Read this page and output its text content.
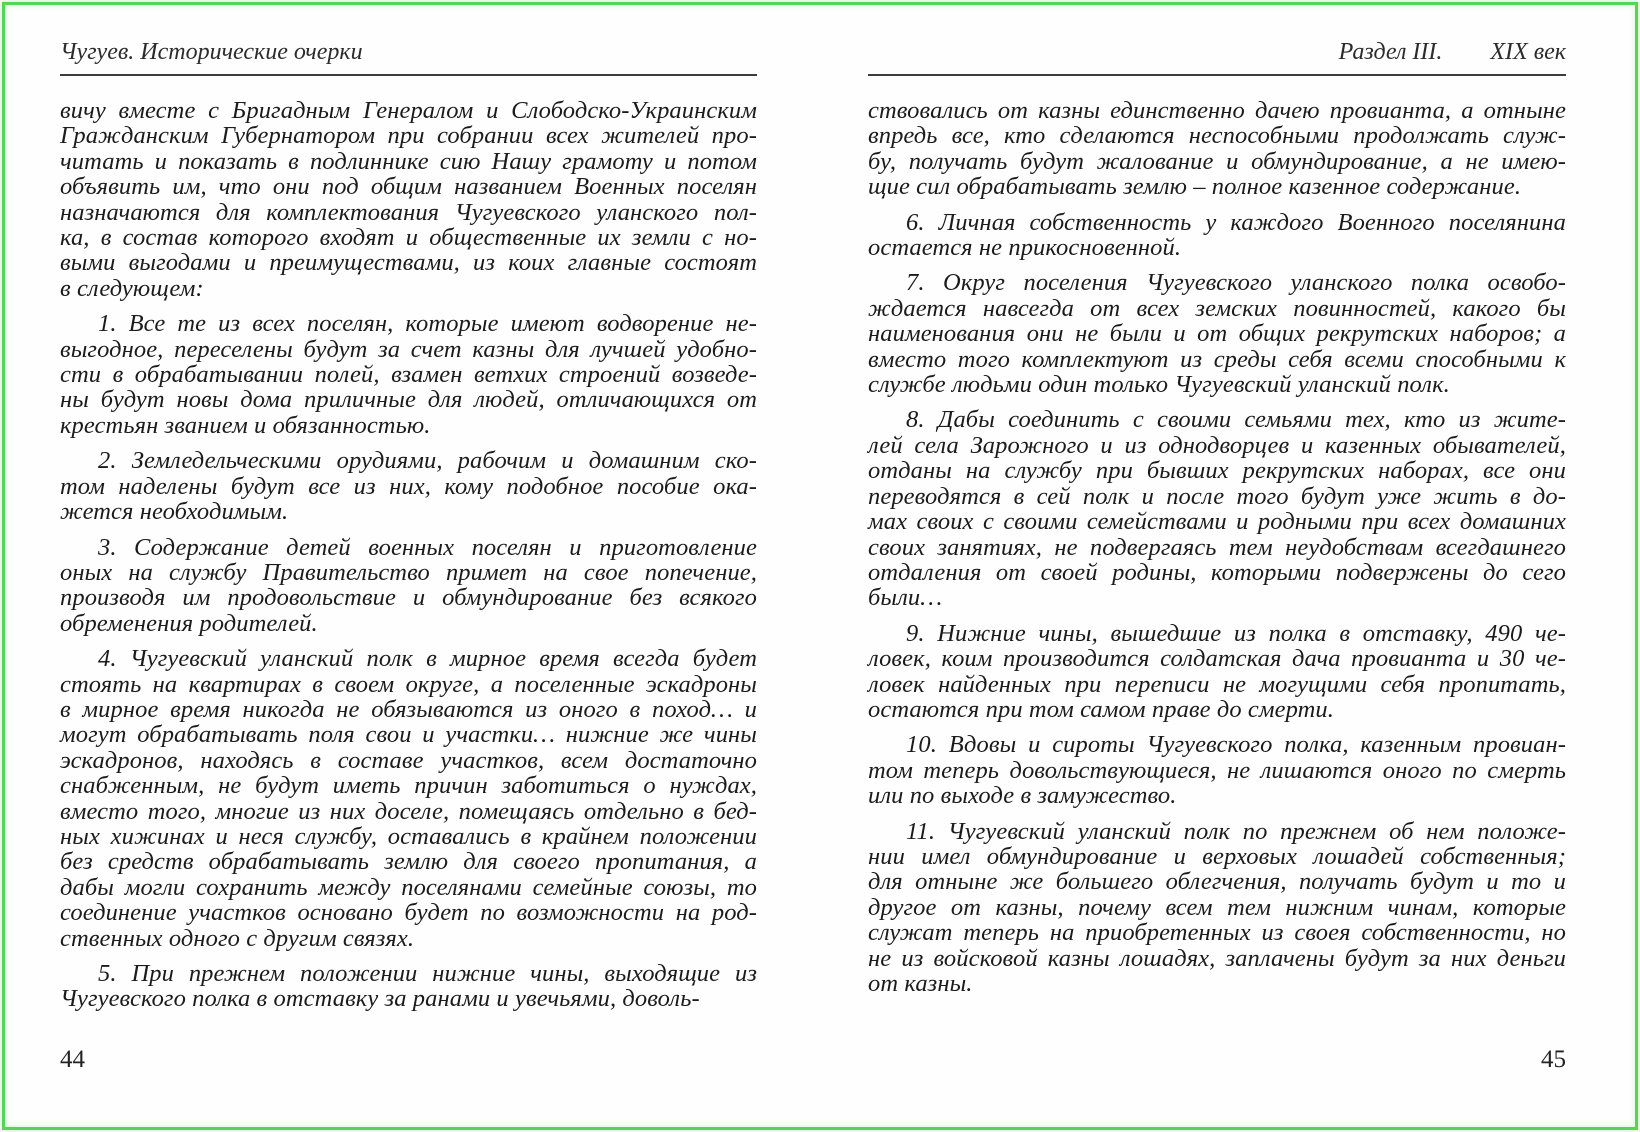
Чугуев. Исторические очерки
вичу вместе с Бригадным Генералом и Слободско-Украинским
Гражданским Губернатором при собрании всех жителей про-
читать и показать в подлиннике сию Нашу грамоту и потом
объявить им, что они под общим названием Военных поселян
назначаются для комплектования Чугуевского уланского пол-
ка, в состав которого входят и общественные их земли с но-
выми выгодами и преимуществами, из коих главные состоят
в следующем:
1. Все те из всех поселян, которые имеют водворение не-
выгодное, переселены будут за счет казны для лучшей удобно-
сти в обрабатывании полей, взамен ветхих строений возведе-
ны будут новы дома приличные для людей, отличающихся от
крестьян званием и обязанностью.
2. Земледельческими орудиями, рабочим и домашним ско-
том наделены будут все из них, кому подобное пособие ока-
жется необходимым.
3. Содержание детей военных поселян и приготовление
оных на службу Правительство примет на свое попечение,
производя им продовольствие и обмундирование без всякого
обременения родителей.
4. Чугуевский уланский полк в мирное время всегда будет
стоять на квартирах в своем округе, а поселенные эскадроны
в мирное время никогда не обязываются из оного в поход… и
могут обрабатывать поля свои и участки… нижние же чины
эскадронов, находясь в составе участков, всем достаточно
снабженным, не будут иметь причин заботиться о нуждах,
вместо того, многие из них доселе, помещаясь отдельно в бед-
ных хижинах и неся службу, оставались в крайнем положении
без средств обрабатывать землю для своего пропитания, а
дабы могли сохранить между поселянами семейные союзы, то
соединение участков основано будет по возможности на род-
ственных одного с другим связях.
5. При прежнем положении нижние чины, выходящие из
Чугуевского полка в отставку за ранами и увечьями, доволь-
44
Раздел III. XIX век
ствовались от казны единственно дачею провианта, а отныне
впредь все, кто сделаются неспособными продолжать служ-
бу, получать будут жалование и обмундирование, а не имею-
щие сил обрабатывать землю – полное казенное содержание.
6. Личная собственность у каждого Военного поселянина
остается не прикосновенной.
7. Округ поселения Чугуевского уланского полка освобо-
ждается навсегда от всех земских повинностей, какого бы
наименования они не были и от общих рекрутских наборов; а
вместо того комплектуют из среды себя всеми способными к
службе людьми один только Чугуевский уланский полк.
8. Дабы соединить с своими семьями тех, кто из жите-
лей села Зарожного и из однодворцев и казенных обывателей,
отданы на службу при бывших рекрутских наборах, все они
переводятся в сей полк и после того будут уже жить в до-
мах своих с своими семействами и родными при всех домашних
своих занятиях, не подвергаясь тем неудобствам всегдашнего
отдаления от своей родины, которыми подвержены до сего
были…
9. Нижние чины, вышедшие из полка в отставку, 490 че-
ловек, коим производится солдатская дача провианта и 30 че-
ловек найденных при переписи не могущими себя пропитать,
остаются при том самом праве до смерти.
10. Вдовы и сироты Чугуевского полка, казенным провиан-
том теперь довольствующиеся, не лишаются оного по смерть
или по выходе в замужество.
11. Чугуевский уланский полк по прежнем об нем положе-
нии имел обмундирование и верховых лошадей собственныя;
для отныне же большего облегчения, получать будут и то и
другое от казны, почему всем тем нижним чинам, которые
служат теперь на приобретенных из своея собственности, но
не из войсковой казны лошадях, заплачены будут за них деньги
от казны.
45
